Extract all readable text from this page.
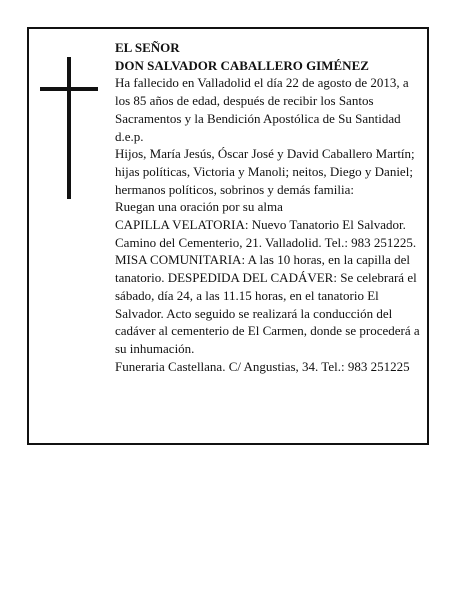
EL SEÑOR

DON SALVADOR CABALLERO GIMÉNEZ

Ha fallecido en Valladolid el día 22 de agosto de 2013, a los 85 años de edad, después de recibir los Santos Sacramentos y la Bendición Apostólica de Su Santidad

d.e.p.

Hijos, María Jesús, Óscar José y David Caballero Martín; hijas políticas, Victoria y Manoli; neitos, Diego y Daniel; hermanos políticos, sobrinos y demás familia:

Ruegan una oración por su alma

CAPILLA VELATORIA: Nuevo Tanatorio El Salvador. Camino del Cementerio, 21. Valladolid. Tel.: 983 251225.

MISA COMUNITARIA: A las 10 horas, en la capilla del tanatorio. DESPEDIDA DEL CADÁVER: Se celebrará el sábado, día 24, a las 11.15 horas, en el tanatorio El Salvador. Acto seguido se realizará la conducción del cadáver al cementerio de El Carmen, donde se procederá a su inhumación.

Funeraria Castellana. C/ Angustias, 34. Tel.: 983 251225
